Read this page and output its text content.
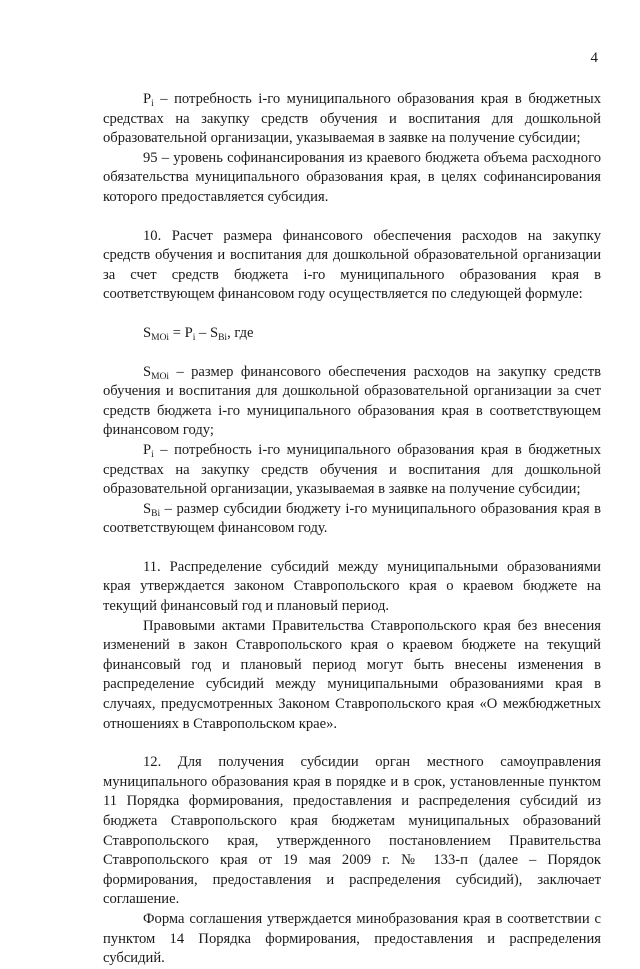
4

$P_i$ – потребность i-го муниципального образования края в бюджетных средствах на закупку средств обучения и воспитания для дошкольной образовательной организации, указываемая в заявке на получение субсидии;

95 – уровень софинансирования из краевого бюджета объема расходного обязательства муниципального образования края, в целях софинансирования которого предоставляется субсидия.

10. Расчет размера финансового обеспечения расходов на закупку средств обучения и воспитания для дошкольной образовательной организации за счет средств бюджета i-го муниципального образования края в соответствующем финансовом году осуществляется по следующей формуле:

$S_{MOi} = P_i - S_{Bi}$, где

$S_{MOi}$ – размер финансового обеспечения расходов на закупку средств обучения и воспитания для дошкольной образовательной организации за счет средств бюджета i-го муниципального образования края в соответствующем финансовом году;

$P_i$ – потребность i-го муниципального образования края в бюджетных средствах на закупку средств обучения и воспитания для дошкольной образовательной организации, указываемая в заявке на получение субсидии;

$S_{Bi}$ – размер субсидии бюджету i-го муниципального образования края в соответствующем финансовом году.

11. Распределение субсидий между муниципальными образованиями края утверждается законом Ставропольского края о краевом бюджете на текущий финансовый год и плановый период.

Правовыми актами Правительства Ставропольского края без внесения изменений в закон Ставропольского края о краевом бюджете на текущий финансовый год и плановый период могут быть внесены изменения в распределение субсидий между муниципальными образованиями края в случаях, предусмотренных Законом Ставропольского края «О межбюджетных отношениях в Ставропольском крае».

12. Для получения субсидии орган местного самоуправления муниципального образования края в порядке и в срок, установленные пунктом 11 Порядка формирования, предоставления и распределения субсидий из бюджета Ставропольского края бюджетам муниципальных образований Ставропольского края, утвержденного постановлением Правительства Ставропольского края от 19 мая 2009 г. № 133-п (далее – Порядок формирования, предоставления и распределения субсидий), заключает соглашение.

Форма соглашения утверждается минобразования края в соответствии с пунктом 14 Порядка формирования, предоставления и распределения субсидий.
